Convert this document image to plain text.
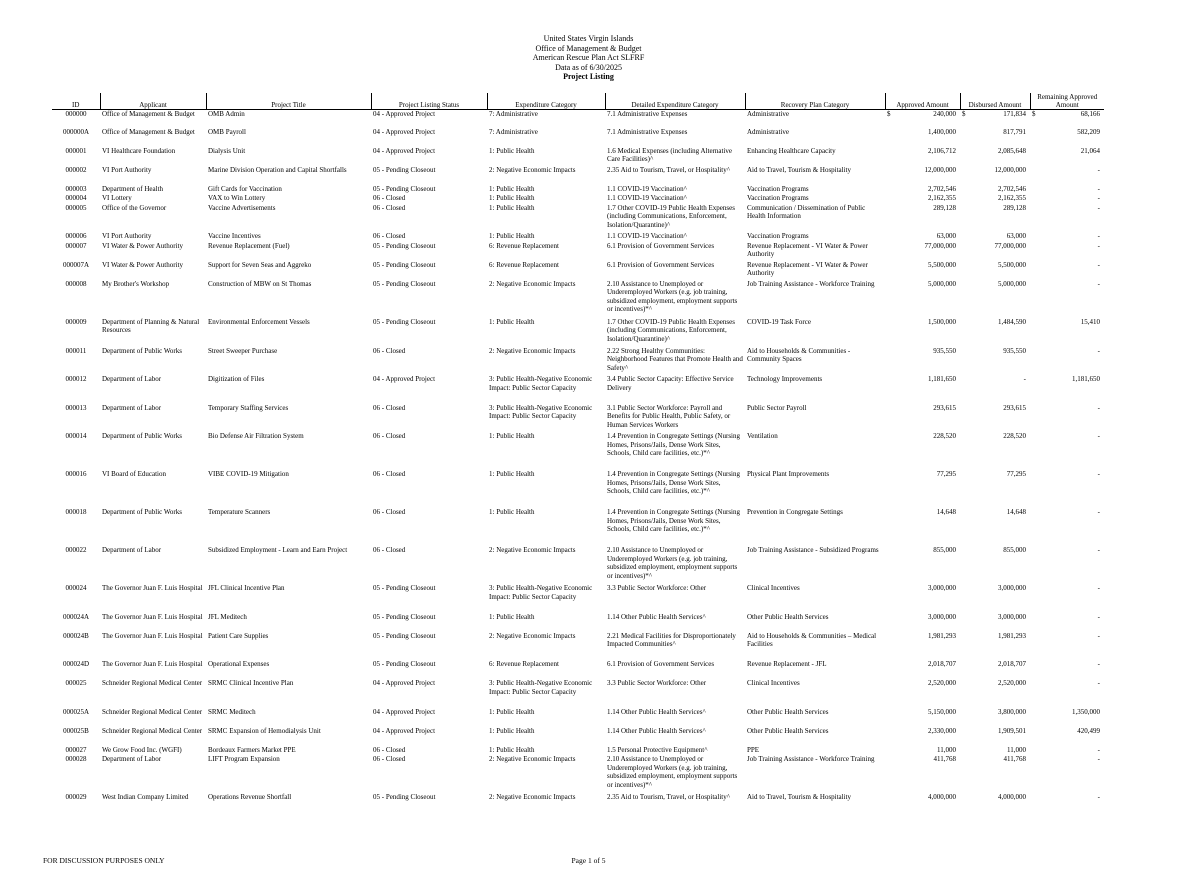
United States Virgin Islands
Office of Management & Budget
American Rescue Plan Act SLFRF
Data as of 6/30/2025
Project Listing
ID	Applicant	Project Title	Project Listing Status	Expenditure Category	Detailed Expenditure Category	Recovery Plan Category	Approved Amount	Disbursed Amount	Remaining Approved Amount
000000	Office of Management & Budget	OMB Admin	04 - Approved Project	7: Administrative	7.1 Administrative Expenses	Administrative	$ 240,000	$ 171,834	$ 68,166
000000A	Office of Management & Budget	OMB Payroll	04 - Approved Project	7: Administrative	7.1 Administrative Expenses	Administrative	1,400,000	817,791	582,209
000001	VI Healthcare Foundation	Dialysis Unit	04 - Approved Project	1: Public Health	1.6 Medical Expenses (including Alternative Care Facilities)^	Enhancing Healthcare Capacity	2,106,712	2,085,648	21,064
000002	VI Port Authority	Marine Division Operation and Capital Shortfalls	05 - Pending Closeout	2: Negative Economic Impacts	2.35 Aid to Tourism, Travel, or Hospitality^	Aid to Travel, Tourism & Hospitality	12,000,000	12,000,000	-
000003	Department of Health	Gift Cards for Vaccination	05 - Pending Closeout	1: Public Health	1.1 COVID-19 Vaccination^	Vaccination Programs	2,702,546	2,702,546	-
000004	VI Lottery	VAX to Win Lottery	06 - Closed	1: Public Health	1.1 COVID-19 Vaccination^	Vaccination Programs	2,162,355	2,162,355	-
000005	Office of the Governor	Vaccine Advertisements	06 - Closed	1: Public Health	1.7 Other COVID-19 Public Health Expenses (including Communications, Enforcement, Isolation/Quarantine)^	Communication / Dissemination of Public Health Information	289,128	289,128	-
000006	VI Port Authority	Vaccine Incentives	06 - Closed	1: Public Health	1.1 COVID-19 Vaccination^	Vaccination Programs	63,000	63,000	-
000007	VI Water & Power Authority	Revenue Replacement (Fuel)	05 - Pending Closeout	6: Revenue Replacement	6.1 Provision of Government Services	Revenue Replacement - VI Water & Power Authority	77,000,000	77,000,000	-
000007A	VI Water & Power Authority	Support for Seven Seas and Aggreko	05 - Pending Closeout	6: Revenue Replacement	6.1 Provision of Government Services	Revenue Replacement - VI Water & Power Authority	5,500,000	5,500,000	-
000008	My Brother's Workshop	Construction of MBW on St Thomas	05 - Pending Closeout	2: Negative Economic Impacts	2.10 Assistance to Unemployed or Underemployed Workers (e.g. job training, subsidized employment, employment supports or incentives)*^	Job Training Assistance - Workforce Training	5,000,000	5,000,000	-
000009	Department of Planning & Natural Resources	Environmental Enforcement Vessels	05 - Pending Closeout	1: Public Health	1.7 Other COVID-19 Public Health Expenses (including Communications, Enforcement, Isolation/Quarantine)^	COVID-19 Task Force	1,500,000	1,484,590	15,410
000011	Department of Public Works	Street Sweeper Purchase	06 - Closed	2: Negative Economic Impacts	2.22 Strong Healthy Communities: Neighborhood Features that Promote Health and Safety^	Aid to Households & Communities - Community Spaces	935,550	935,550	-
000012	Department of Labor	Digitization of Files	04 - Approved Project	3: Public Health-Negative Economic Impact: Public Sector Capacity	3.4 Public Sector Capacity: Effective Service Delivery	Technology Improvements	1,181,650	-	1,181,650
000013	Department of Labor	Temporary Staffing Services	06 - Closed	3: Public Health-Negative Economic Impact: Public Sector Capacity	3.1 Public Sector Workforce: Payroll and Benefits for Public Health, Public Safety, or Human Services Workers	Public Sector Payroll	293,615	293,615	-
000014	Department of Public Works	Bio Defense Air Filtration System	06 - Closed	1: Public Health	1.4 Prevention in Congregate Settings (Nursing Homes, Prisons/Jails, Dense Work Sites, Schools, Child care facilities, etc.)*^	Ventilation	228,520	228,520	-
000016	VI Board of Education	VIBE COVID-19 Mitigation	06 - Closed	1: Public Health	1.4 Prevention in Congregate Settings (Nursing Homes, Prisons/Jails, Dense Work Sites, Schools, Child care facilities, etc.)*^	Physical Plant Improvements	77,295	77,295	-
000018	Department of Public Works	Temperature Scanners	06 - Closed	1: Public Health	1.4 Prevention in Congregate Settings (Nursing Homes, Prisons/Jails, Dense Work Sites, Schools, Child care facilities, etc.)*^	Prevention in Congregate Settings	14,648	14,648	-
000022	Department of Labor	Subsidized Employment - Learn and Earn Project	06 - Closed	2: Negative Economic Impacts	2.10 Assistance to Unemployed or Underemployed Workers (e.g. job training, subsidized employment, employment supports or incentives)*^	Job Training Assistance - Subsidized Programs	855,000	855,000	-
000024	The Governor Juan F. Luis Hospital	JFL Clinical Incentive Plan	05 - Pending Closeout	3: Public Health-Negative Economic Impact: Public Sector Capacity	3.3 Public Sector Workforce: Other	Clinical Incentives	3,000,000	3,000,000	-
000024A	The Governor Juan F. Luis Hospital	JFL Meditech	05 - Pending Closeout	1: Public Health	1.14 Other Public Health Services^	Other Public Health Services	3,000,000	3,000,000	-
000024B	The Governor Juan F. Luis Hospital	Patient Care Supplies	05 - Pending Closeout	2: Negative Economic Impacts	2.21 Medical Facilities for Disproportionately Impacted Communities^	Aid to Households & Communities – Medical Facilities	1,981,293	1,981,293	-
000024D	The Governor Juan F. Luis Hospital	Operational Expenses	05 - Pending Closeout	6: Revenue Replacement	6.1 Provision of Government Services	Revenue Replacement - JFL	2,018,707	2,018,707	-
000025	Schneider Regional Medical Center	SRMC Clinical Incentive Plan	04 - Approved Project	3: Public Health-Negative Economic Impact: Public Sector Capacity	3.3 Public Sector Workforce: Other	Clinical Incentives	2,520,000	2,520,000	-
000025A	Schneider Regional Medical Center	SRMC Meditech	04 - Approved Project	1: Public Health	1.14 Other Public Health Services^	Other Public Health Services	5,150,000	3,800,000	1,350,000
000025B	Schneider Regional Medical Center	SRMC Expansion of Hemodialysis Unit	04 - Approved Project	1: Public Health	1.14 Other Public Health Services^	Other Public Health Services	2,330,000	1,909,501	420,499
000027	We Grow Food Inc. (WGFI)	Bordeaux Farmers Market PPE	06 - Closed	1: Public Health	1.5 Personal Protective Equipment^	PPE	11,000	11,000	-
000028	Department of Labor	LIFT Program Expansion	06 - Closed	2: Negative Economic Impacts	2.10 Assistance to Unemployed or Underemployed Workers (e.g. job training, subsidized employment, employment supports or incentives)*^	Job Training Assistance - Workforce Training	411,768	411,768	-
000029	West Indian Company Limited	Operations Revenue Shortfall	05 - Pending Closeout	2: Negative Economic Impacts	2.35 Aid to Tourism, Travel, or Hospitality^	Aid to Travel, Tourism & Hospitality	4,000,000	4,000,000	-
FOR DISCUSSION PURPOSES ONLY	Page 1 of 5
